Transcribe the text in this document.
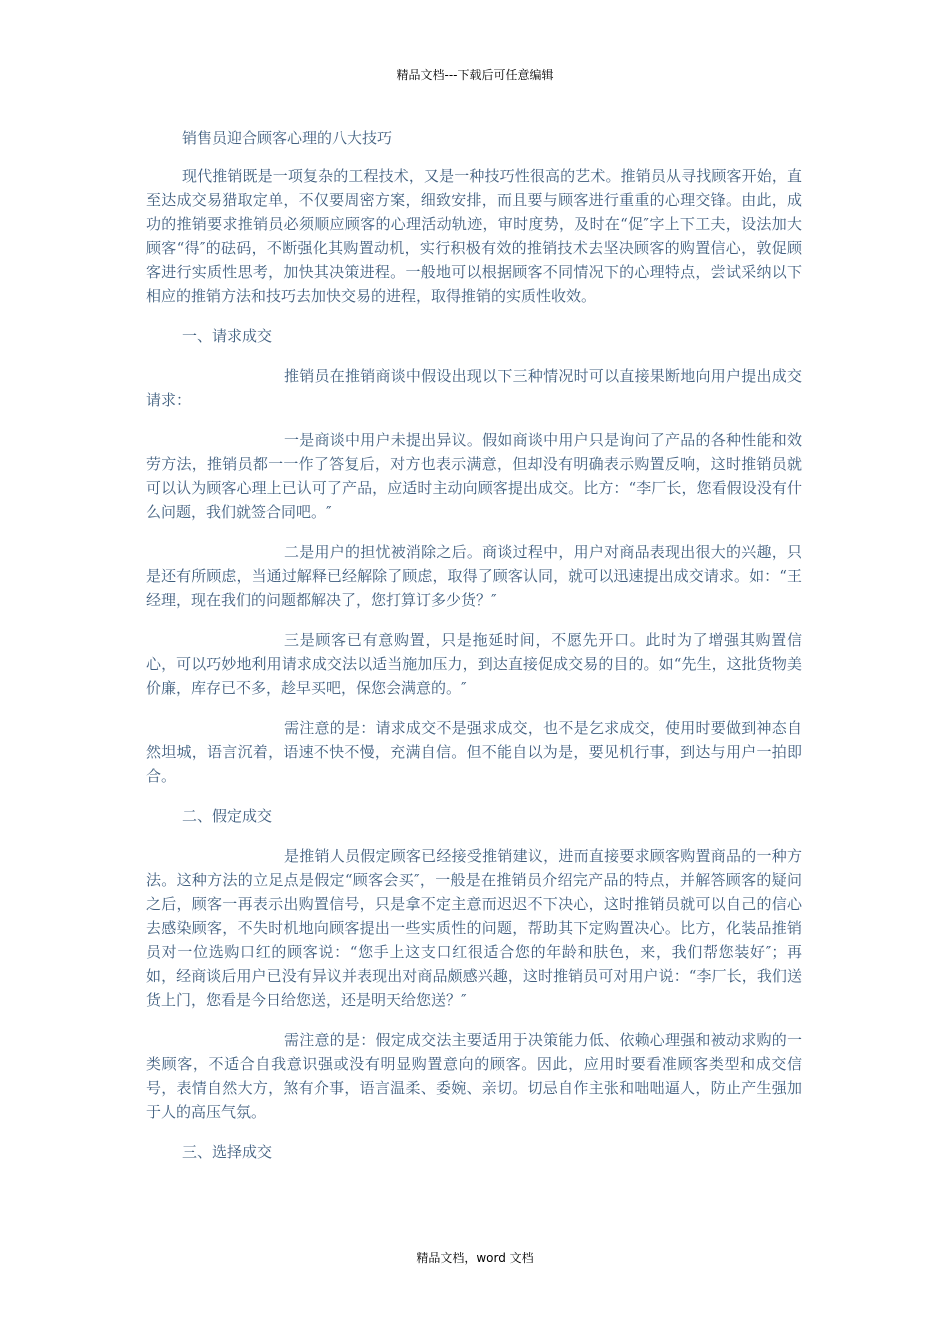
精品文档---下载后可任意编辑
销售员迎合顾客心理的八大技巧

现代推销既是一项复杂的工程技术，又是一种技巧性很高的艺术。推销员从寻找顾客开始，直至达成交易猎取定单，不仅要周密方案，细致安排，而且要与顾客进行重重的心理交锋。由此，成功的推销要求推销员必须顺应顾客的心理活动轨迹，审时度势，及时在“促″字上下工夫，设法加大顾客“得″的砝码，不断强化其购置动机，实行积极有效的推销技术去坚决顾客的购置信心，敦促顾客进行实质性思考，加快其决策进程。一般地可以根据顾客不同情况下的心理特点，尝试采纳以下相应的推销方法和技巧去加快交易的进程，取得推销的实质性收效。

一、请求成交

推销员在推销商谈中假设出现以下三种情况时可以直接果断地向用户提出成交请求：

一是商谈中用户未提出异议。假如商谈中用户只是询问了产品的各种性能和效劳方法，推销员都一一作了答复后，对方也表示满意，但却没有明确表示购置反响，这时推销员就可以认为顾客心理上已认可了产品，应适时主动向顾客提出成交。比方：“李厂长，您看假设没有什么问题，我们就签合同吧。″

二是用户的担忧被消除之后。商谈过程中，用户对商品表现出很大的兴趣，只是还有所顾虑，当通过解释已经解除了顾虑，取得了顾客认同，就可以迅速提出成交请求。如：“王经理，现在我们的问题都解决了，您打算订多少货？″

三是顾客已有意购置，只是拖延时间，不愿先开口。此时为了增强其购置信心，可以巧妙地利用请求成交法以适当施加压力，到达直接促成交易的目的。如“先生，这批货物美价廉，库存已不多，趁早买吧，保您会满意的。″

需注意的是：请求成交不是强求成交，也不是乞求成交，使用时要做到神态自然坦城，语言沉着，语速不快不慢，充满自信。但不能自以为是，要见机行事，到达与用户一拍即合。

二、假定成交

是推销人员假定顾客已经接受推销建议，进而直接要求顾客购置商品的一种方法。这种方法的立足点是假定“顾客会买″，一般是在推销员介绍完产品的特点，并解答顾客的疑问之后，顾客一再表示出购置信号，只是拿不定主意而迟迟不下决心，这时推销员就可以自己的信心去感染顾客，不失时机地向顾客提出一些实质性的问题，帮助其下定购置决心。比方，化装品推销员对一位选购口红的顾客说：“您手上这支口红很适合您的年龄和肤色，来，我们帮您装好″；再如，经商谈后用户已没有异议并表现出对商品颇感兴趣，这时推销员可对用户说：“李厂长，我们送货上门，您看是今日给您送，还是明天给您送？″

需注意的是：假定成交法主要适用于决策能力低、依赖心理强和被动求购的一类顾客，不适合自我意识强或没有明显购置意向的顾客。因此，应用时要看准顾客类型和成交信号，表情自然大方，煞有介事，语言温柔、委婉、亲切。切忌自作主张和咄咄逼人，防止产生强加于人的高压气氛。

三、选择成交
精品文档，word 文档
